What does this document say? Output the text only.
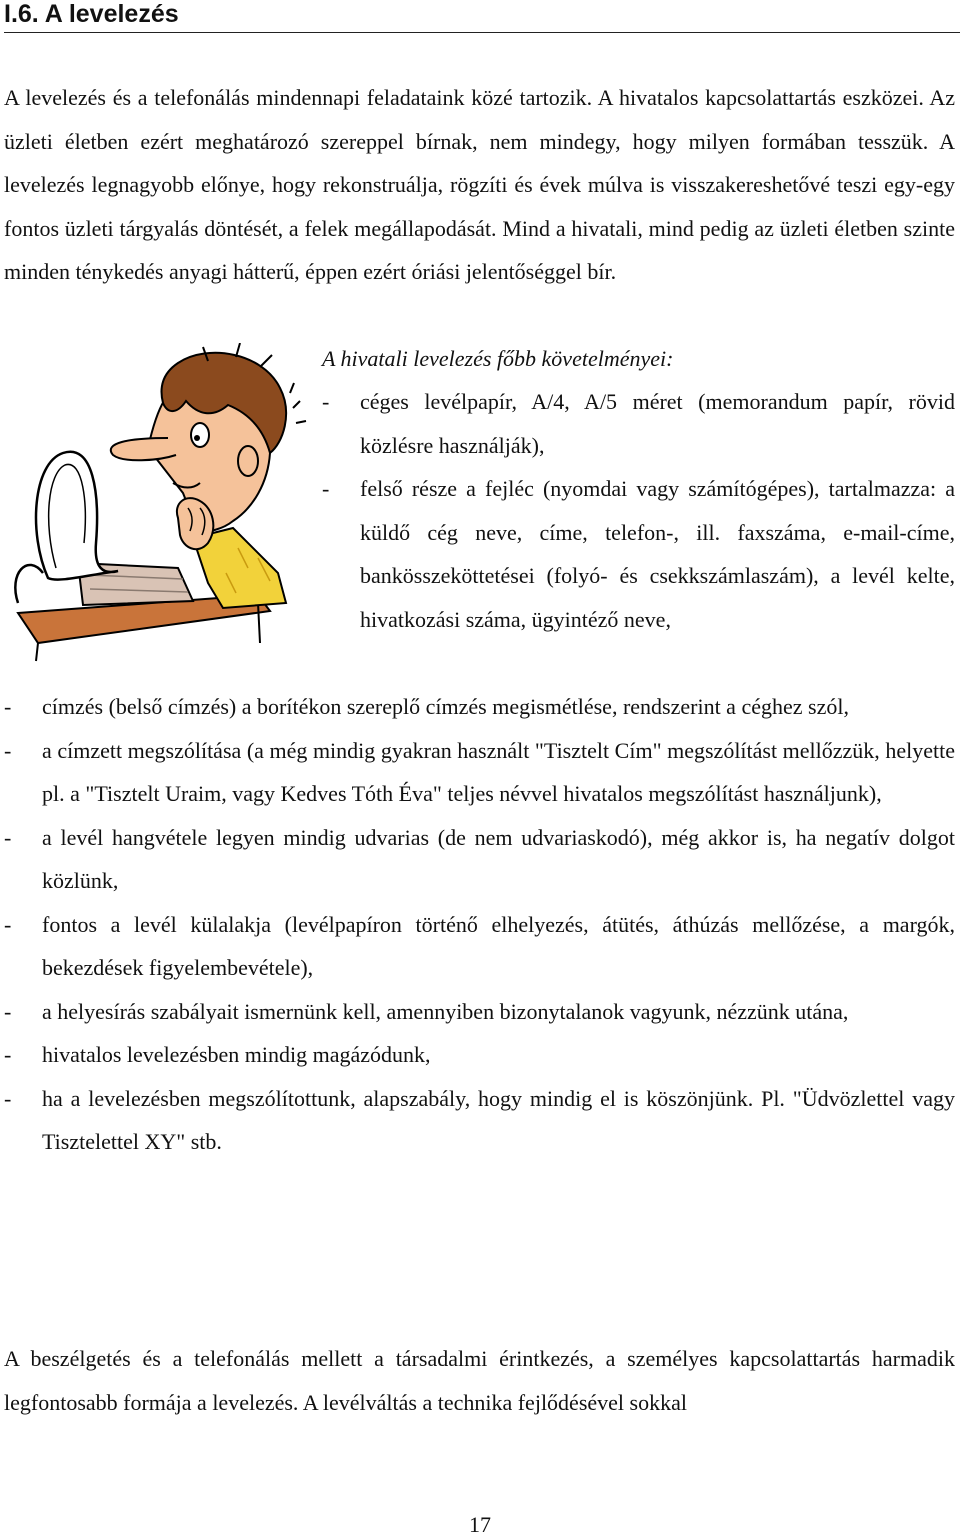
I.6. A levelezés

A levelezés és a telefonálás mindennapi feladataink közé tartozik. A hivatalos kapcsolattartás eszközei. Az üzleti életben ezért meghatározó szereppel bírnak, nem mindegy, hogy milyen formában tesszük. A levelezés legnagyobb előnye, hogy rekonstruálja, rögzíti és évek múlva is visszakereshetővé teszi egy-egy fontos üzleti tárgyalás döntését, a felek megállapodását. Mind a hivatali, mind pedig az üzleti életben szinte minden ténykedés anyagi hátterű, éppen ezért óriási jelentőséggel bír.

A hivatali levelezés főbb követelményei:
- céges levélpapír, A/4, A/5 méret (memorandum papír, rövid közlésre használják),
- felső része a fejléc (nyomdai vagy számítógépes), tartalmazza: a küldő cég neve, címe, telefon-, ill. faxszáma, e-mail-címe, bankösszeköttetései (folyó- és csekkszámlaszám), a levél kelte, hivatkozási száma, ügyintéző neve,
- címzés (belső címzés) a borítékon szereplő címzés megismétlése, rendszerint a céghez szól,
- a címzett megszólítása (a még mindig gyakran használt "Tisztelt Cím" megszólítást mellőzzük, helyette pl. a "Tisztelt Uraim, vagy Kedves Tóth Éva" teljes névvel hivatalos megszólítást használjunk),
- a levél hangvétele legyen mindig udvarias (de nem udvariaskodó), még akkor is, ha negatív dolgot közlünk,
- fontos a levél külalakja (levélpapíron történő elhelyezés, átütés, áthúzás mellőzése, a margók, bekezdések figyelembevétele),
- a helyesírás szabályait ismernünk kell, amennyiben bizonytalanok vagyunk, nézzünk utána,
- hivatalos levelezésben mindig magázódunk,
- ha a levelezésben megszólítottunk, alapszabály, hogy mindig el is köszönjünk. Pl. "Üdvözlettel vagy Tisztelettel XY" stb.

A beszélgetés és a telefonálás mellett a társadalmi érintkezés, a személyes kapcsolattartás harmadik legfontosabb formája a levelezés. A levélváltás a technika fejlődésével sokkal

17
